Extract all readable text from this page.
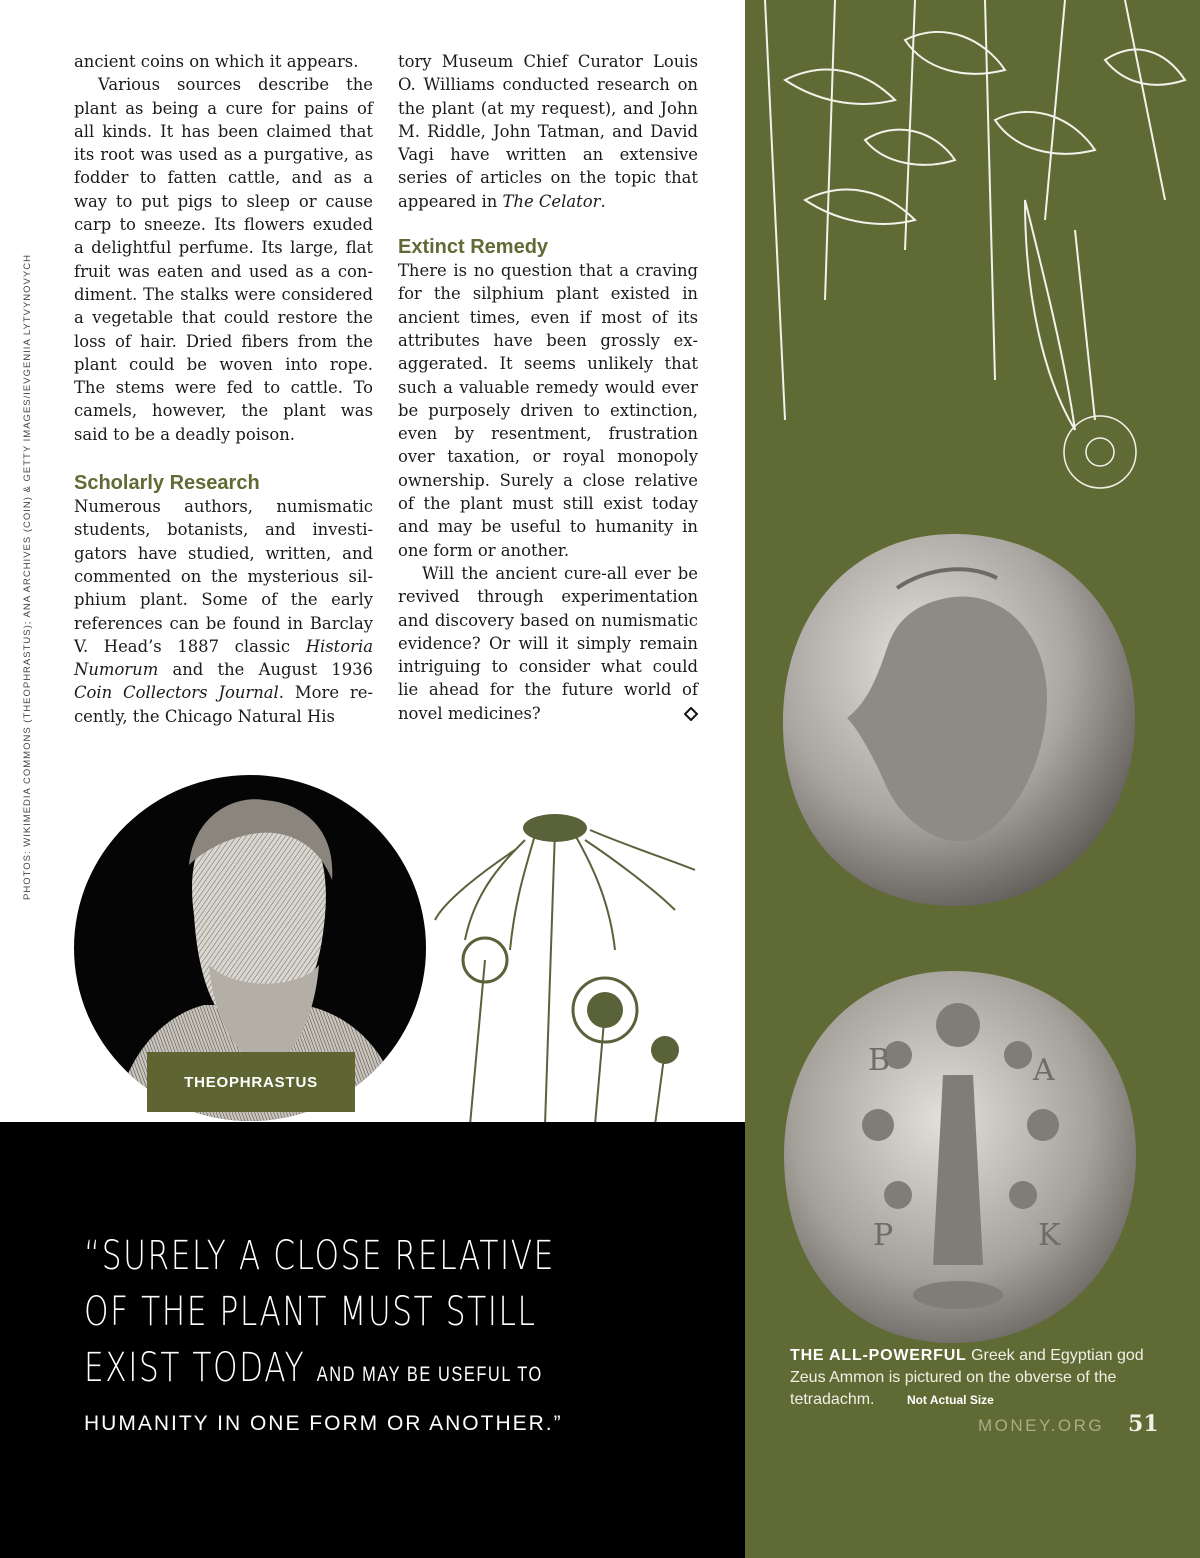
PHOTOS: WIKIMEDIA COMMONS (THEOPHRASTUS); ANA ARCHIVES (COIN) & GETTY IMAGES/IEVGENIIA LYTVYNOVYCH

ancient coins on which it appears.

Various sources describe the plant as being a cure for pains of all kinds. It has been claimed that its root was used as a purgative, as fodder to fatten cattle, and as a way to put pigs to sleep or cause carp to sneeze. Its flowers exuded a delightful perfume. Its large, flat fruit was eaten and used as a condiment. The stalks were considered a vegetable that could restore the loss of hair. Dried fibers from the plant could be woven into rope. The stems were fed to cattle. To camels, however, the plant was said to be a deadly poison.

Scholarly Research

Numerous authors, numismatic students, botanists, and investigators have studied, written, and commented on the mysterious silphium plant. Some of the early references can be found in Barclay V. Head’s 1887 classic Historia Numorum and the August 1936 Coin Collectors Journal. More recently, the Chicago Natural His

tory Museum Chief Curator Louis O. Williams conducted research on the plant (at my request), and John M. Riddle, John Tatman, and David Vagi have written an extensive series of articles on the topic that appeared in The Celator.

Extinct Remedy

There is no question that a craving for the silphium plant existed in ancient times, even if most of its attributes have been grossly exaggerated. It seems unlikely that such a valuable remedy would ever be purposely driven to extinction, even by resentment, frustration over taxation, or royal monopoly ownership. Surely a close relative of the plant must still exist today and may be useful to humanity in one form or another.

Will the ancient cure-all ever be revived through experimentation and discovery based on numismatic evidence? Or will it simply remain intriguing to consider what could lie ahead for the future world of novel medicines?

THEOPHRASTUS
“SURELY A CLOSE RELATIVE
OF THE PLANT MUST STILL
EXIST TODAY AND MAY BE USEFUL TO
HUMANITY IN ONE FORM OR ANOTHER.”
B	A
P	K
THE ALL-POWERFUL Greek and Egyptian god Zeus Ammon is pictured on the obverse of the tetradachm.	Not Actual Size
MONEY.ORG 51
